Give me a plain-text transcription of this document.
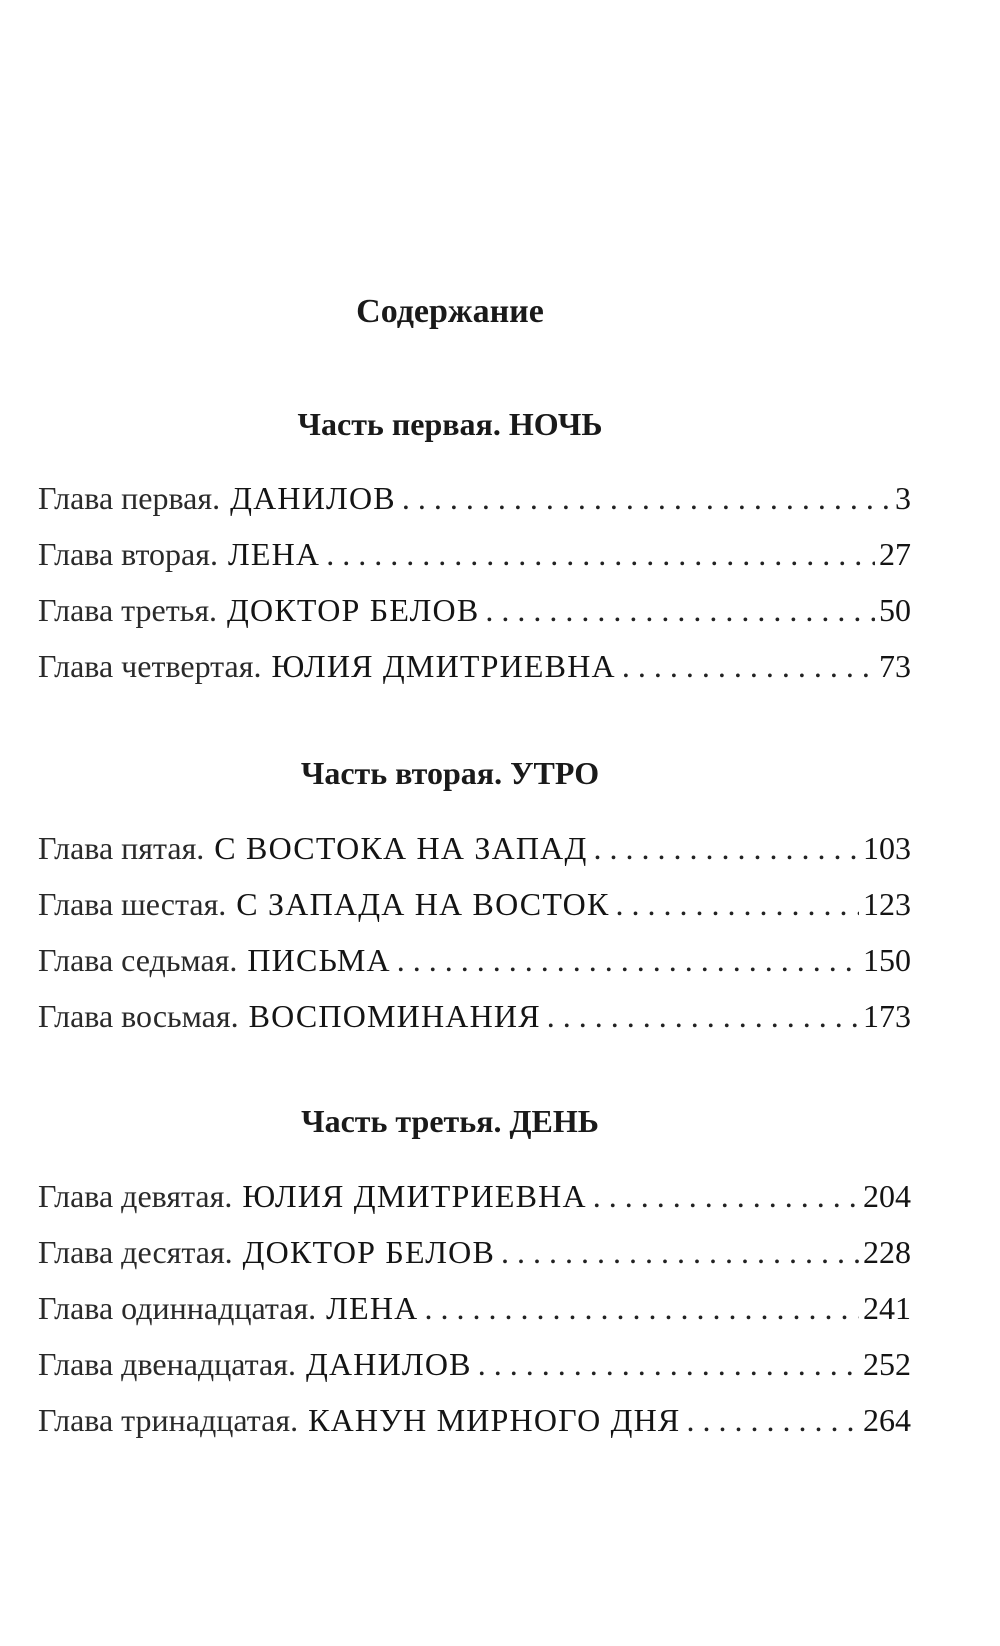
Содержание
Часть первая. НОЧЬ
Глава первая. ДАНИЛОВ . . .	3
Глава вторая. ЛЕНА . . .	27
Глава третья. ДОКТОР БЕЛОВ . . .	50
Глава четвертая. ЮЛИЯ ДМИТРИЕВНА . . .	73
Часть вторая. УТРО
Глава пятая. С ВОСТОКА НА ЗАПАД . . .	103
Глава шестая. С ЗАПАДА НА ВОСТОК . . .	123
Глава седьмая. ПИСЬМА . . .	150
Глава восьмая. ВОСПОМИНАНИЯ . . .	173
Часть третья. ДЕНЬ
Глава девятая. ЮЛИЯ ДМИТРИЕВНА . . .	204
Глава десятая. ДОКТОР БЕЛОВ . . .	228
Глава одиннадцатая. ЛЕНА . . .	241
Глава двенадцатая. ДАНИЛОВ . . .	252
Глава тринадцатая. КАНУН МИРНОГО ДНЯ . . .	264
